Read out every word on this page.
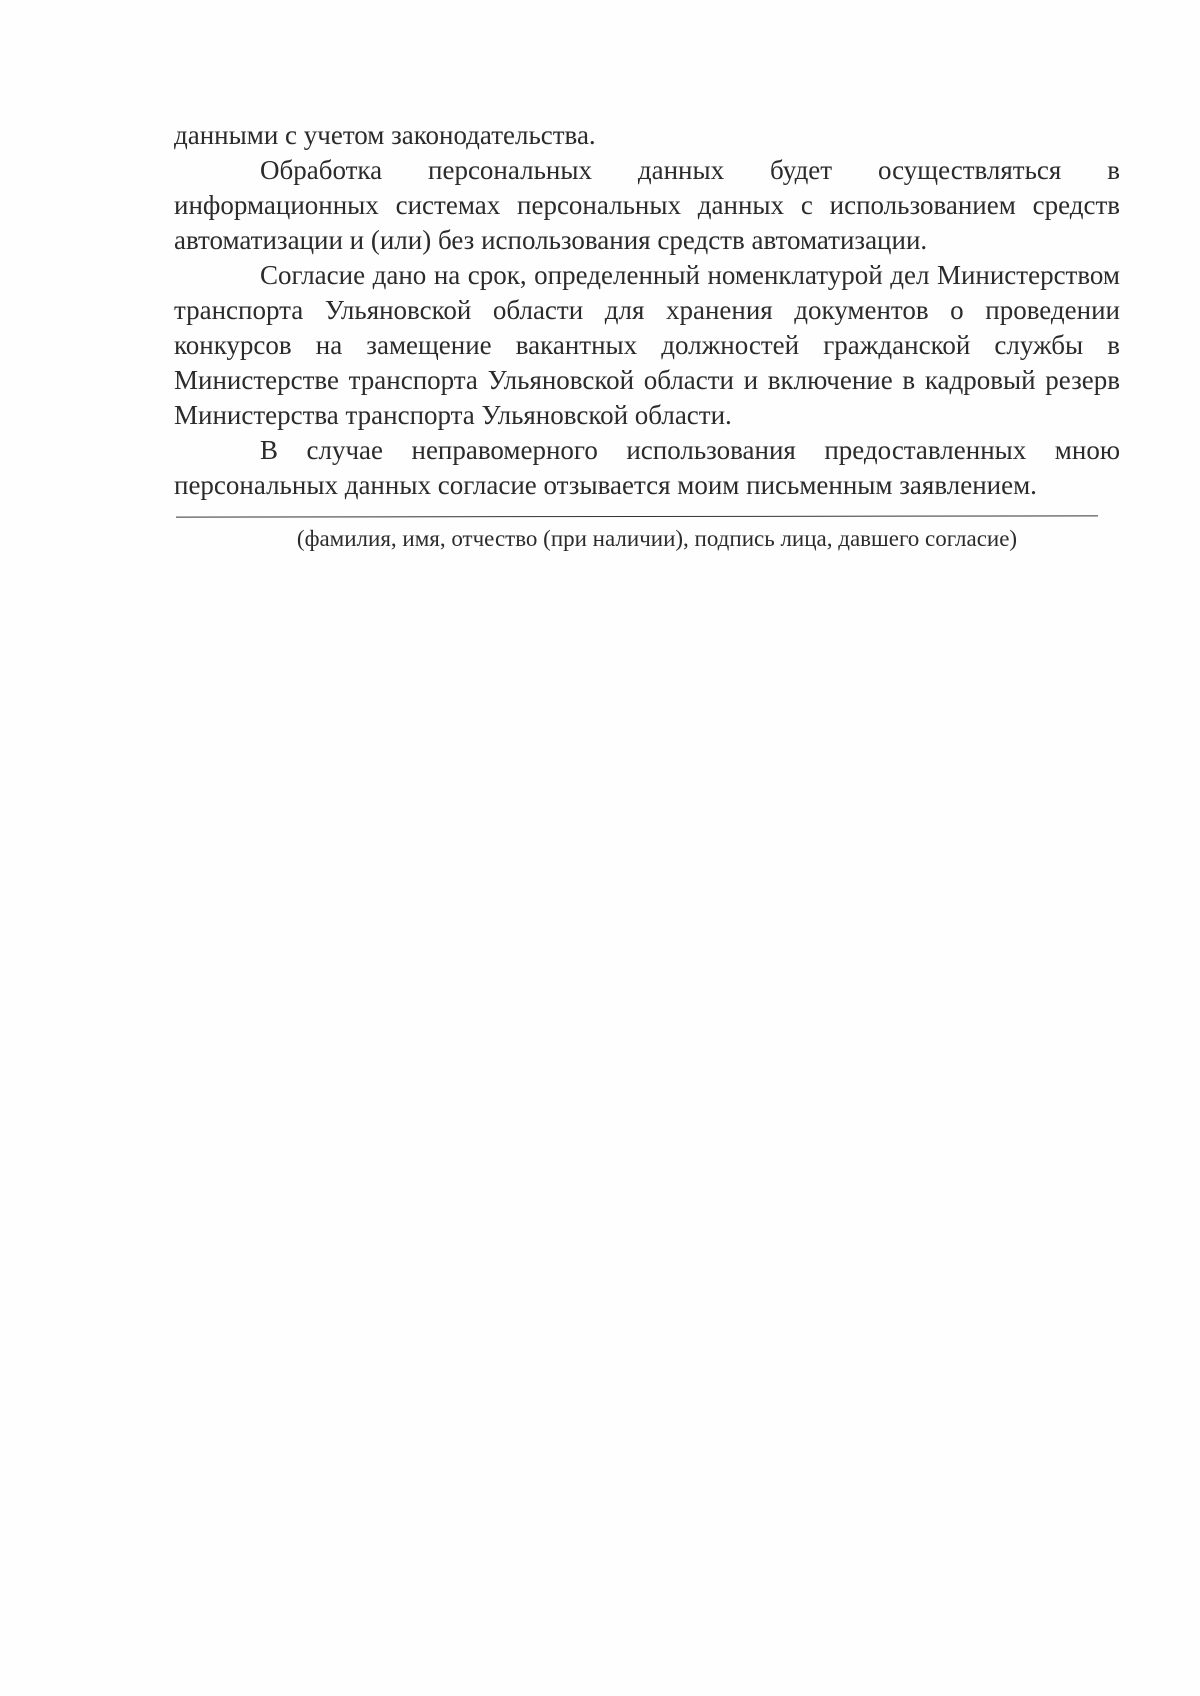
данными с учетом законодательства.

Обработка персональных данных будет осуществляться в информационных системах персональных данных с использованием средств автоматизации и (или) без использования средств автоматизации.

Согласие дано на срок, определенный номенклатурой дел Министерством транспорта Ульяновской области для хранения документов о проведении конкурсов на замещение вакантных должностей гражданской службы в Министерстве транспорта Ульяновской области и включение в кадровый резерв Министерства транспорта Ульяновской области.

В случае неправомерного использования предоставленных мною персональных данных согласие отзывается моим письменным заявлением.

(фамилия, имя, отчество (при наличии), подпись лица, давшего согласие)
